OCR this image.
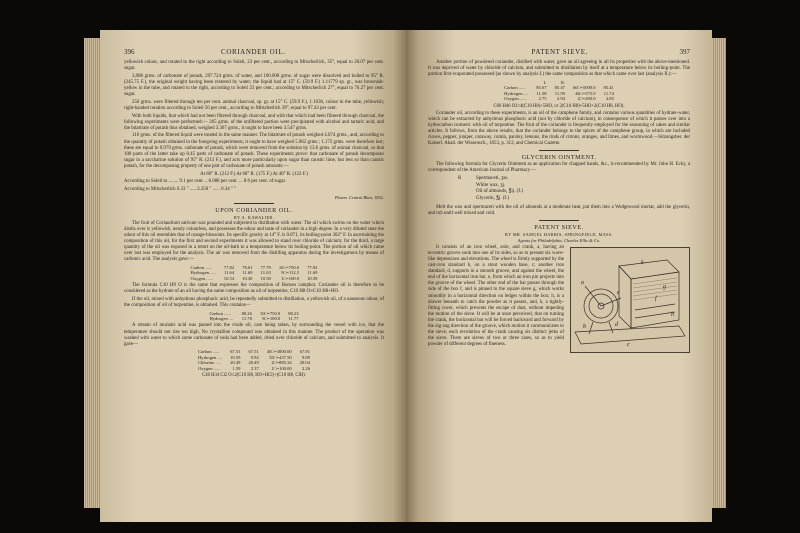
396	CORIANDER OIL.

yellowish colour, and rotated to the right according to Soleil, 23 per cent., according to Mitscherlich, 35°, equal to 20.07 per cent. sugar.

3,088 grms. of carbonate of potash, 297.724 grms. of water, and 100.008 grms. of sugar were dissolved and boiled to 95° R. (245.75 F.), the original weight having been restored by water; the liquid had at 15° C. (59.9 F.) 1.11779 sp. gr., was brownish-yellow in the tube, and rotated to the right, according to Soleil 23 per cent.; according to Mitscherlich 27°, equal to 76.27 per cent. sugar.

250 grms. were filtered through ten per cent. animal charcoal, sp. gr. at 15° C. (59.9 F.), 1.1036, colour in the tube, yellowish; right-handed rotation according to Soleil 56 per cent., according to Mitscherlich 39°, equal to 97.43 per cent.

With both liquids, that which had not been filtered through charcoal, and with that which had been filtered through charcoal, the following experiments were performed:— 265 grms. of the unfiltered portion were precipitated with alcohol and tartaric acid, and the bitartrate of potash thus obtained, weighed 3.367 grms., it ought to have been 3.547 grms.

116 grms. of the filtered liquid were treated in the same manner. The bitartrate of potash weighed 4.074 grms., and, according to the quantity of potash obtained in the foregoing experiments, it ought to have weighed 5.962 grms.; 1.173 grms. were therefore lost; these are equal to 0.979 grms. carbonate of potash, which were removed from the solution by 13.6 grms. of animal charcoal, so that 100 parts of the latter take up 0.45 parts of carbonate of potash. These experiments prove: that carbonate of potash decomposes sugar in a saccharine solution of 95° R. (213 F.), and acts more particularly upon sugar than caustic lime, but less so than caustic potash, for the decomposing property of one part of carbonate of potash amounts:—

At 80° R. (212 F.) At 60° R. (175 F.) At 40° R. (122 F.)

According to Soleil to ........ 9.1 per cent. ...6.088 per cent. ... 8.6 per cent. of sugar.

According to Mitscherlich 6.33 " ......3.350 " ...... 0.34 " "

Pharm. Central Blatt, 1852.
UPON CORIANDER OIL.
BY A. KAWALIER.

The fruit of Coriandrum sativum was pounded and subjected to distillation with water. The oil which swims on the water which distils over is yellowish, nearly colourless, and possesses the odour and taste of coriander in a high degree. In a very diluted state the odour of this oil resembles that of orange-blossoms. Its specific gravity at 14° F. is 0.871, its boiling-point 302° F. In ascertaining the composition of this oil, for the first and second experiments it was allowed to stand over chloride of calcium; for the third, a large quantity of the oil was exposed in a retort on the oil-bath to a temperature below its boiling-point. The portion of oil which came over last was employed for the analysis. The air was removed from the distilling apparatus during the investigations by means of carbonic acid. The analysis gave:—

Carbon ......	77.82	78.01	77.79	10□=750.0	77.92
Hydrogen .....	11.64	11.69	11.63	9□=112.5	11.69
Oxygen ......	10.54	10.30	10.58	1□=100.0	10.39

The formula C10 H9 O is the same that expresses the composition of Borneo camphor. Coriander oil is therefore to be considered as the hydrate of an oil having the same composition as oil of turpentine, C10 H8 O≡C10 H8+HO.

If the oil, mixed with anhydrous phosphoric acid, be repeatedly submitted to distillation, a yellowish oil, of a nauseous odour, of the composition of oil of turpentine, is obtained. This contains—

Carbon ......	88.26	10□=750.0	88.23
Hydrogen ....	11.78	8□=100.0	11.77

A stream of muriatic acid was passed into the crude oil, care being taken, by surrounding the vessel with ice, that the temperature should not rise too high. No crystalline compound was obtained in this manner. The product of the operation was washed with water to which some carbonate of soda had been added, dried over chloride of calcium, and submitted to analysis. It gave—

Carbon ......	67.51	67.51	40□=3000.00	67.81
Hydrogen ....	10.59	9.92	35□=437.50	9.89
Chlorine .....	20.49	20.49	2□=885.34	20.04
Oxygen ......	1.59	2.37	1□=100.00	2.26
C40 H34 Cl2 O≡2(C10 H8, HO+HCl)+(C10 H8, ClH).
PATENT SIEVE.	397

Another portion of powdered coriander, distilled with water, gave an oil agreeing in all its properties with the above-mentioned. It was deprived of water by chloride of calcium, and submitted to distillation by itself at a temperature below its boiling-point. The portion first evaporated possessed (as shown by analysis I.) the same composition as that which came over last (analysis II.):—

	I.	II.		
Carbon ......	85.67	85.47	60□=5000.0	85.41
Hydrogen ....	11.58	11.59	46□=575.0	11.74
Oxygen ......	2.75	2.94	2□=200.0	2.85
C60 H46 O2≡4(C10 H8)+5HO, or 2(C10 H8)+5HO+2(C10 H8, HO).

Coriander oil, according to these experiments, is an oil of the camphene family, and contains various quantities of hydrate-water, which can be extracted by anhydrous phosphoric acid (not by chloride of calcium), in consequence of which it passes over into a hydrocarbon isomeric with oil of turpentine. The fruit of the coriander is frequently employed for the seasoning of cakes and similar articles. It follows, from the above results, that the coriander belongs to the spices of the camphene group, in which are included cloves, pepper, juniper, caraway, cumin, parsley, lemons, the rinds of citrons, oranges, and limes, and wormwood.—Sitzungsber. der Kaiserl. Akad. der Wissensch., 1853, p. 313, and Chemical Gazette.

GLYCERIN OINTMENT.

The following formula for Glycerin Ointment as an application for chapped hands, &c., is recommended by Mr. John H. Ecky, a correspondent of the American Journal of Pharmacy.—

R	Spermaceti, ʒss.
White wax, ʒj.
Oil of almonds, ℥ij. (f.)
Glycerin, ℥j. (f.)

Melt the wax and spermaceti with the oil of almonds at a moderate heat, put them into a Wedgewood mortar, add the glycerin, and rub until well mixed and cold.

PATENT SIEVE.
BY MR. SAMUEL HARRIS, SPRINGFIELD, MASS.
Agents for Philadelphia, Charles Ellis & Co.
a
b
c
d
e
f
g
h
k

It consists of an iron wheel, axle, and crank, a, having an eccentric groove sunk into one of its sides, so as to present six wave-like depressions and elevations. The wheel is firmly supported by the cast-iron standard b, on a stout wooden base, c; another iron standard, d, supports in a smooth groove, and against the wheel, the end of the horizontal iron bar, e, from which an iron pin projects into the groove of the wheel. The other end of the bar passes through the side of the box f, and is pinned to the square sieve g, which works smoothly in a horizontal direction on ledges within the box; h, is a drawer beneath to catch the powder as it passes, and, k, a tightly-fitting cover, which prevents the escape of dust, without impeding the motion of the sieve. It will be at once perceived, that on turning the crank, the horizontal bar will be forced backward and forward by the zig-zag direction of the groove, which motion it communicates to the sieve; each revolution of the crank causing six distinct jerks of the sieve. There are sieves of two or three sizes, so as to yield powder of different degrees of fineness.
